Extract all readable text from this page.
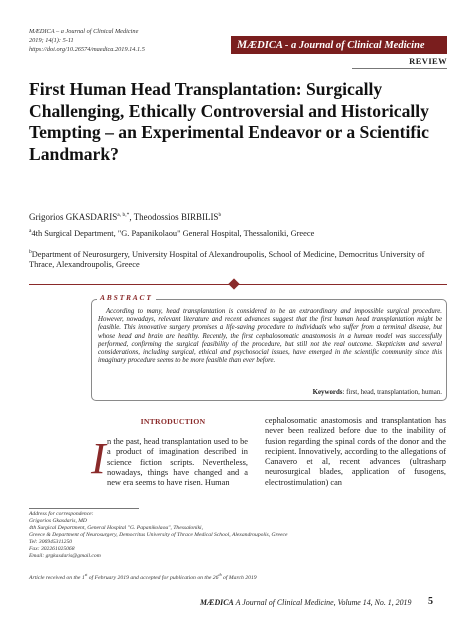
MÆDICA – a Journal of Clinical Medicine
2019; 14(1): 5-11
https://doi.org/10.26574/maedica.2019.14.1.5	MÆDICA - a Journal of Clinical Medicine
REVIEW
First Human Head Transplantation: Surgically Challenging, Ethically Controversial and Historically Tempting – an Experimental Endeavor or a Scientific Landmark?
Grigorios $GKASDARIS^{a, b,*}$, Theodossios BIRBILIS$^b$
$^a$4th Surgical Department, "G. Papanikolaou" General Hospital, Thessaloniki, Greece
$^b$Department of Neurosurgery, University Hospital of Alexandroupolis, School of Medicine, Democritus University of Thrace, Alexandroupolis, Greece
ABSTRACT

According to many, head transplantation is considered to be an extraordinary and impossible surgical procedure. However, nowadays, relevant literature and recent advances suggest that the first human head transplantation might be feasible. This innovative surgery promises a life-saving procedure to individuals who suffer from a terminal disease, but whose head and brain are healthy. Recently, the first cephalosomatic anastomosis in a human model was successfully performed, confirming the surgical feasibility of the procedure, but still not the real outcome. Skepticism and several considerations, including surgical, ethical and psychosocial issues, have emerged in the scientific community since this imaginary procedure seems to be more feasible than ever before.

Keywords: first, head, transplantation, human.
INTRODUCTION
I n the past, head transplantation used to be a product of imagination described in science fiction scripts. Nevertheless, nowadays, things have changed and a new era seems to have risen. Human
cephalosomatic anastomosis and transplantation has never been realized before due to the inability of fusion regarding the spinal cords of the donor and the recipient. Innovatively, according to the allegations of Canavero et al, recent advances (ultrasharp neurosurgical blades, application of fusogens, electrostimulation) can
Address for correspondence:
Grigorios Gkasdaris, MD
4th Surgical Department, General Hospital "G. Papanikolaou", Thessaloniki,
Greece & Department of Neurosurgery, Democritus University of Thrace Medical School, Alexandroupolis, Greece
Tel: 306945311250
Fax: 302261025068
Email: grgkasdaris@gmail.com
Article received on the 1st of February 2019 and accepted for publication on the 26th of March 2019
MÆDICA A Journal of Clinical Medicine, Volume 14, No. 1, 2019 5
